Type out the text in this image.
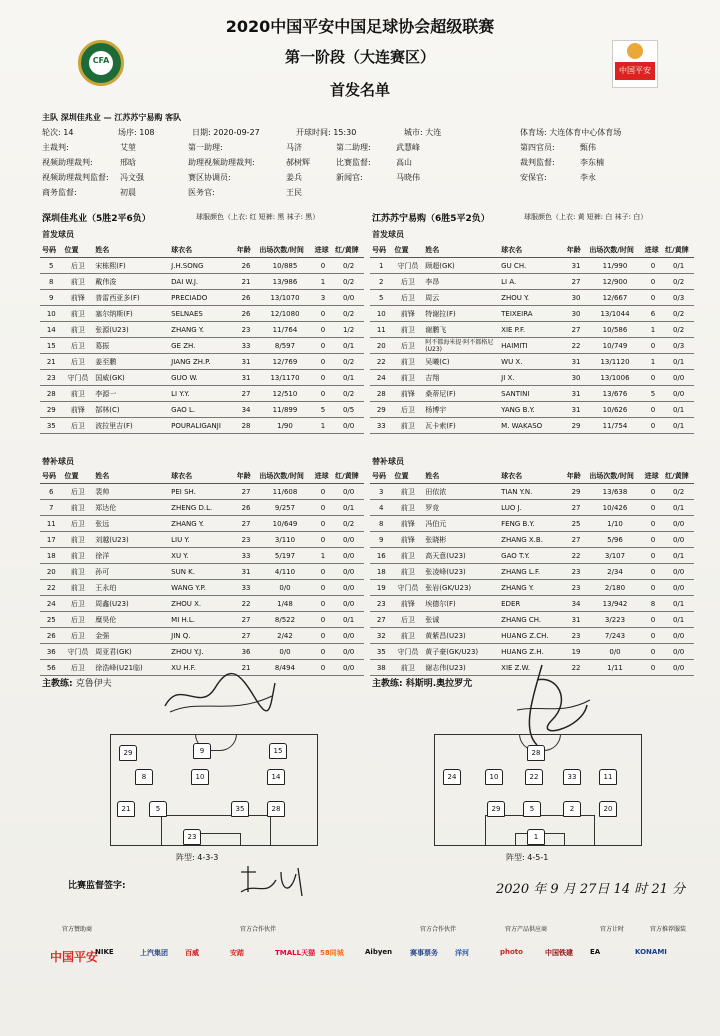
CFA
中国平安
2020中国平安中国足球协会超级联赛
第一阶段（大连赛区）
首发名单
主队 深圳佳兆业 — 江苏苏宁易购 客队
轮次: 14	场序: 108	日期: 2020-09-27	开球时间: 15:30	城市: 大连	体育场: 大连体育中心体育场
主裁判:	艾堃	第一助理:	马济	第二助理:	武慧峰	第四官员:	甄伟
视频助理裁判:	邢晗	助理视频助理裁判:	郝树辉	比赛监督:	高山	裁判监督:	李东楠
视频助理裁判监督: 冯文强	赛区协调员:	姜兵	新闻官:	马晓伟	安保官:	李永
商务监督:	初晨	医务官:	王民
深圳佳兆业（5胜2平6负）	球服颜色（上衣: 红 短裤: 黑 袜子: 黑）	江苏苏宁易购（6胜5平2负）	球服颜色（上衣: 黄 短裤: 白 袜子: 白）
首发球员	首发球员
号码	位置	姓名	球衣名	年龄	出场次数/时间	进球	红/黄牌
5	后卫	宋栋熙(F)	J.H.SONG	26	10/885	0	0/2
8	前卫	戴伟浚	DAI W.J.	21	13/986	1	0/2
9	前锋	普雷西亚多(F)	PRECIADO	26	13/1070	3	0/0
10	前卫	塞尔纳斯(F)	SELNAES	26	12/1080	0	0/2
14	前卫	张源(U23)	ZHANG Y.	23	11/764	0	1/2
15	后卫	葛振	GE ZH.	33	8/597	0	0/1
21	后卫	姜至鹏	JIANG ZH.P.	31	12/769	0	0/2
23	守门员	国威(GK)	GUO W.	31	13/1170	0	0/1
28	前卫	李源一	LI Y.Y.	27	12/510	0	0/2
29	前锋	郜林(C)	GAO L.	34	11/899	5	0/5
35	后卫	波拉里吉(F)	POURALIGANJI	28	1/90	1	0/0
号码	位置	姓名	球衣名	年龄	出场次数/时间	进球	红/黄牌
1	守门员	顾超(GK)	GU CH.	31	11/990	0	0/1
2	后卫	李昂	LI A.	27	12/900	0	0/2
5	后卫	周云	ZHOU Y.	30	12/667	0	0/3
10	前锋	特谢拉(F)	TEIXEIRA	30	13/1044	6	0/2
11	前卫	谢鹏飞	XIE P.F.	27	10/586	1	0/2
20	后卫	阿不都海米提·阿不都格尼(U23)	HAIMITI	22	10/749	0	0/3
22	前卫	吴曦(C)	WU X.	31	13/1120	1	0/1
24	前卫	吉翔	JI X.	30	13/1006	0	0/0
28	前锋	桑蒂尼(F)	SANTINI	31	13/676	5	0/0
29	后卫	杨博宇	YANG B.Y.	31	10/626	0	0/1
33	前卫	瓦卡索(F)	M. WAKASO	29	11/754	0	0/1
替补球员	替补球员
号码	位置	姓名	球衣名	年龄	出场次数/时间	进球	红/黄牌
6	后卫	裴帅	PEI SH.	27	11/608	0	0/0
7	前卫	郑达伦	ZHENG D.L.	26	9/257	0	0/1
11	后卫	张远	ZHANG Y.	27	10/649	0	0/2
17	前卫	刘越(U23)	LIU Y.	23	3/110	0	0/0
18	前卫	徐洋	XU Y.	33	5/197	1	0/0
20	前卫	孙可	SUN K.	31	4/110	0	0/0
22	前卫	王永珀	WANG Y.P.	33	0/0	0	0/0
24	后卫	周鑫(U23)	ZHOU X.	22	1/48	0	0/0
25	后卫	糜昊伦	MI H.L.	27	8/522	0	0/1
26	后卫	金强	JIN Q.	27	2/42	0	0/0
36	守门员	周亚君(GK)	ZHOU Y.J.	36	0/0	0	0/0
56	后卫	徐浩峰(U21临)	XU H.F.	21	8/494	0	0/0
号码	位置	姓名	球衣名	年龄	出场次数/时间	进球	红/黄牌
3	前卫	田依浓	TIAN Y.N.	29	13/638	0	0/2
4	前卫	罗竞	LUO J.	27	10/426	0	0/1
8	前锋	冯伯元	FENG B.Y.	25	1/10	0	0/0
9	前锋	张晓彬	ZHANG X.B.	27	5/96	0	0/0
16	前卫	高天意(U23)	GAO T.Y.	22	3/107	0	0/1
18	前卫	张凌峰(U23)	ZHANG L.F.	23	2/34	0	0/0
19	守门员	张岩(GK/U23)	ZHANG Y.	23	2/180	0	0/0
23	前锋	埃德尔(F)	EDER	34	13/942	8	0/1
27	后卫	张诚	ZHANG CH.	31	3/223	0	0/1
32	前卫	黄紫昌(U23)	HUANG Z.CH.	23	7/243	0	0/0
35	守门员	黄子豪(GK/U23)	HUANG Z.H.	19	0/0	0	0/0
38	前卫	谢志伟(U23)	XIE Z.W.	22	1/11	0	0/0
主教练: 克鲁伊夫	主教练: 科斯明.奥拉罗尤
5
8
9
10	14
15
21
23
28
29
35
1
2
5
10	11
20
22
24
28
29
33
阵型: 4-3-3	阵型: 4-5-1
比赛监督签字:	2020 年 9 月 27日 14 时 21 分
官方赞助商	官方合作伙伴	官方合作伙伴	官方产品供应商	官方计时	官方推荐服装
中国平安
NIKE	上汽集团 百威	安踏	TMALL天猫 58同城	Aibyen	赛事票务 洋河	photo	中国铁建 EA	KONAMI
